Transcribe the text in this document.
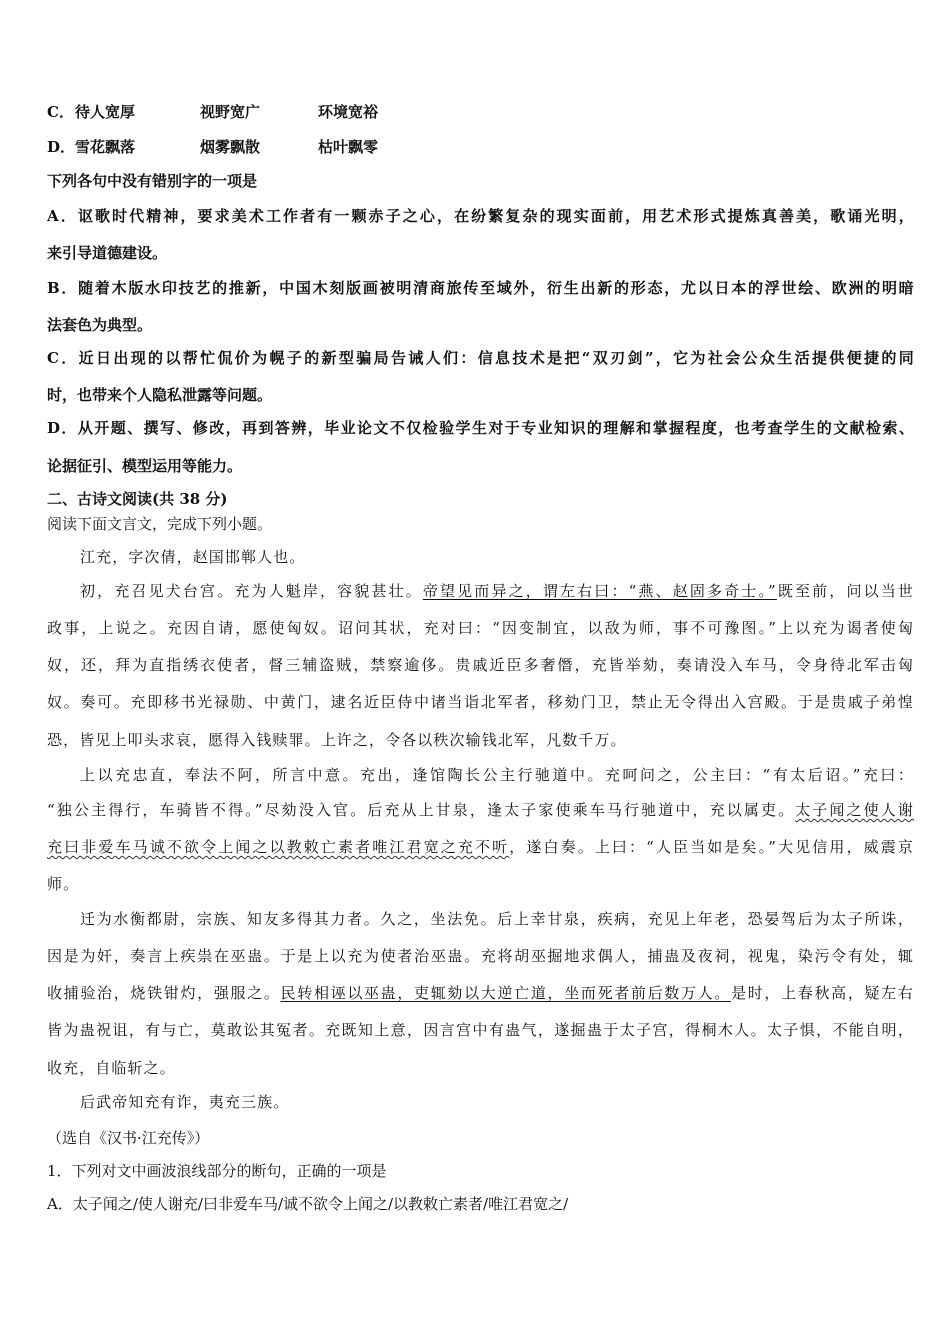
C． 待人宽厚	视野宽广	环境宽裕
D． 雪花飘落	烟雾飘散	枯叶飘零
下列各句中没有错别字的一项是
A．讴歌时代精神，要求美术工作者有一颗赤子之心，在纷繁复杂的现实面前，用艺术形式提炼真善美，歌诵光明，
来引导道德建设。
B．随着木版水印技艺的推新，中国木刻版画被明清商旅传至域外，衍生出新的形态，尤以日本的浮世绘、欧洲的明暗
法套色为典型。
C．近日出现的以帮忙侃价为幌子的新型骗局告诫人们：信息技术是把“双刃剑”，它为社会公众生活提供便捷的同
时，也带来个人隐私泄露等问题。
D．从开题、撰写、修改，再到答辨，毕业论文不仅检验学生对于专业知识的理解和掌握程度，也考查学生的文献检索、
论据征引、模型运用等能力。
二、古诗文阅读(共 38 分)
阅读下面文言文，完成下列小题。
江充，字次倩，赵国邯郸人也。
初，充召见犬台宫。充为人魁岸，容貌甚壮。帝望见而异之，谓左右曰：“燕、赵固多奇士。”既至前，问以当世
政事，上说之。充因自请，愿使匈奴。诏问其状，充对曰：“因变制宜，以敌为师，事不可豫图。”上以充为谒者使匈
奴，还，拜为直指绣衣使者，督三辅盗贼，禁察逾侈。贵戚近臣多奢僭，充皆举劾，奏请没入车马，令身待北军击匈
奴。奏可。充即移书光禄勋、中黄门，逮名近臣侍中诸当诣北军者，移劾门卫，禁止无令得出入宫殿。于是贵戚子弟惶
恐，皆见上叩头求哀，愿得入钱赎罪。上许之，令各以秩次输钱北军，凡数千万。
上以充忠直，奉法不阿，所言中意。充出，逢馆陶长公主行驰道中。充呵问之，公主曰：“有太后诏。”充曰：
“独公主得行，车骑皆不得。”尽劾没入官。后充从上甘泉，逢太子家使乘车马行驰道中，充以属吏。太子闻之使人谢
充曰非爱车马诚不欲令上闻之以教敕亡素者唯江君宽之充不听，遂白奏。上曰：“人臣当如是矣。”大见信用，威震京
师。
迁为水衡都尉，宗族、知友多得其力者。久之，坐法免。后上幸甘泉，疾病，充见上年老，恐晏驾后为太子所诛，
因是为奸，奏言上疾祟在巫蛊。于是上以充为使者治巫蛊。充将胡巫掘地求偶人，捕蛊及夜祠，视鬼，染污令有处，辄
收捕验治，烧铁钳灼，强服之。民转相诬以巫蛊，吏辄劾以大逆亡道，坐而死者前后数万人。是时，上春秋高，疑左右
皆为蛊祝诅，有与亡，莫敢讼其冤者。充既知上意，因言宫中有蛊气，遂掘蛊于太子宫，得桐木人。太子惧，不能自明，
收充，自临斩之。
后武帝知充有诈，夷充三族。
（选自《汉书·江充传》）
1．下列对文中画波浪线部分的断句，正确的一项是
A．太子闻之/使人谢充/曰非爱车马/诚不欲令上闻之/以教敕亡素者/唯江君宽之/
